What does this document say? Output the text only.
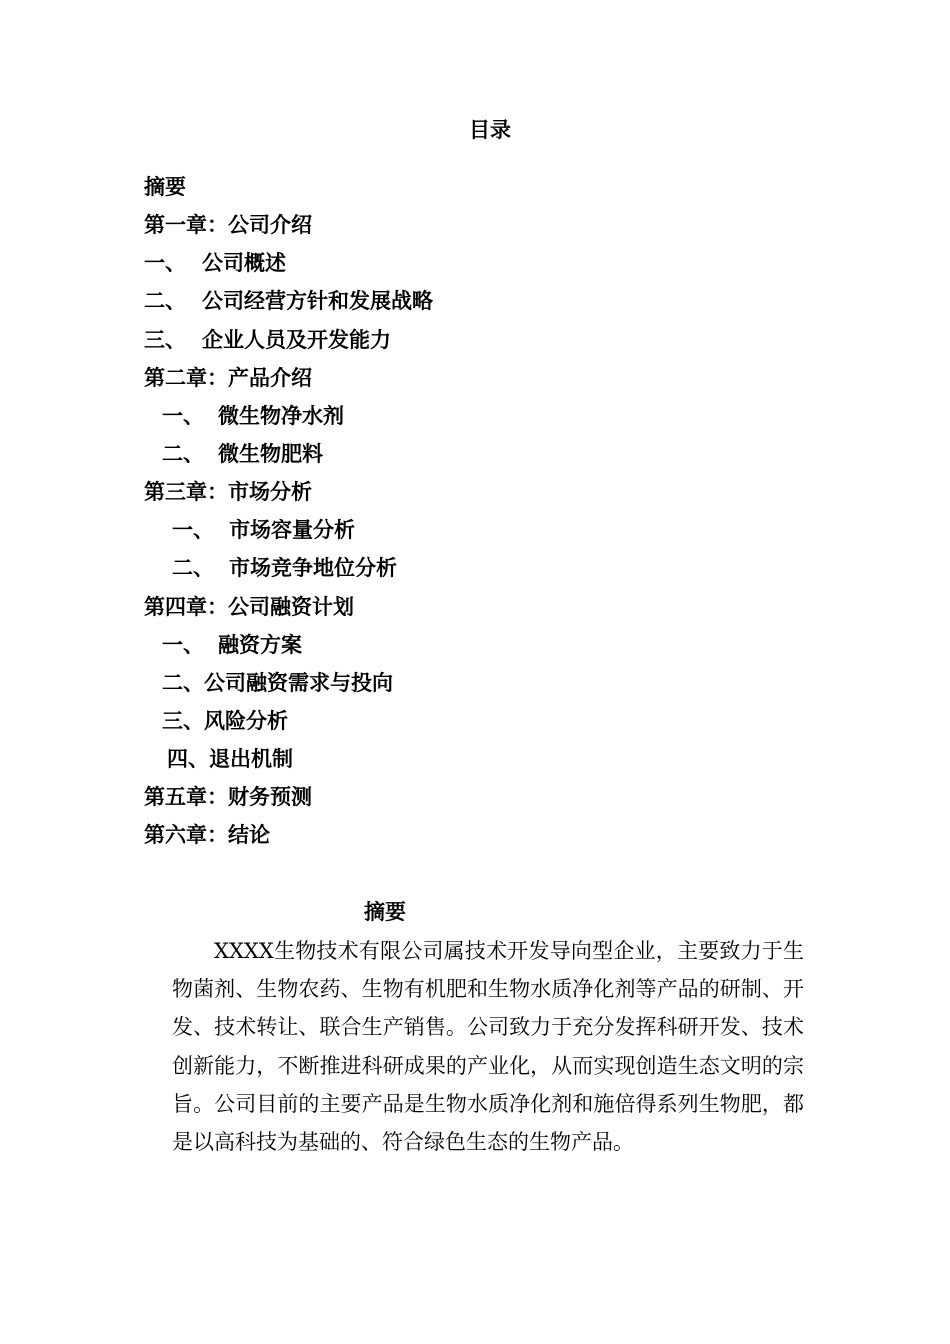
目录
摘要
第一章：公司介绍
一、 公司概述
二、 公司经营方针和发展战略
三、 企业人员及开发能力
第二章：产品介绍
一、 微生物净水剂
二、 微生物肥料
第三章：市场分析
一、 市场容量分析
二、 市场竞争地位分析
第四章：公司融资计划
一、 融资方案
二、公司融资需求与投向
三、风险分析
四、退出机制
第五章：财务预测
第六章：结论
摘要

XXXX生物技术有限公司属技术开发导向型企业，主要致力于生物菌剂、生物农药、生物有机肥和生物水质净化剂等产品的研制、开发、技术转让、联合生产销售。公司致力于充分发挥科研开发、技术创新能力，不断推进科研成果的产业化，从而实现创造生态文明的宗旨。公司目前的主要产品是生物水质净化剂和施倍得系列生物肥，都是以高科技为基础的、符合绿色生态的生物产品。
